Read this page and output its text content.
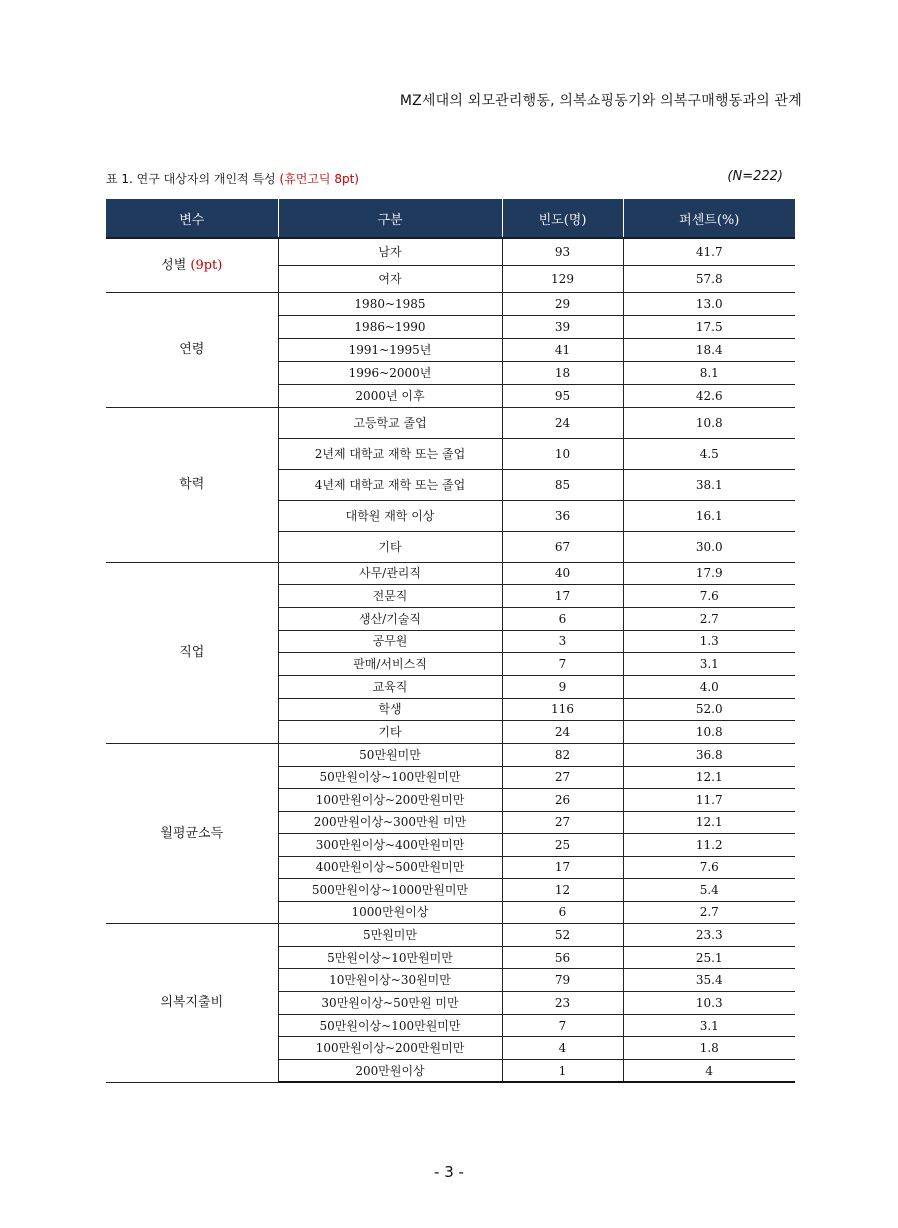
MZ세대의 외모관리행동, 의복쇼핑동기와 의복구매행동과의 관계
표 1. 연구 대상자의 개인적 특성 (휴먼고딕 8pt)	(N=222)
변수	구분	빈도(명)	퍼센트(%)
성별 (9pt)	남자	93	41.7
	여자	129	57.8
연령	1980~1985	29	13.0
	1986~1990	39	17.5
	1991~1995년	41	18.4
	1996~2000년	18	8.1
	2000년 이후	95	42.6
학력	고등학교 졸업	24	10.8
	2년제 대학교 재학 또는 졸업	10	4.5
	4년제 대학교 재학 또는 졸업	85	38.1
	대학원 재학 이상	36	16.1
	기타	67	30.0
직업	사무/관리직	40	17.9
	전문직	17	7.6
	생산/기술직	6	2.7
	공무원	3	1.3
	판매/서비스직	7	3.1
	교육직	9	4.0
	학생	116	52.0
	기타	24	10.8
월평균소득	50만원미만	82	36.8
	50만원이상~100만원미만	27	12.1
	100만원이상~200만원미만	26	11.7
	200만원이상~300만원 미만	27	12.1
	300만원이상~400만원미만	25	11.2
	400만원이상~500만원미만	17	7.6
	500만원이상~1000만원미만	12	5.4
	1000만원이상	6	2.7
의복지출비	5만원미만	52	23.3
	5만원이상~10만원미만	56	25.1
	10만원이상~30원미만	79	35.4
	30만원이상~50만원 미만	23	10.3
	50만원이상~100만원미만	7	3.1
	100만원이상~200만원미만	4	1.8
	200만원이상	1	4
- 3 -
